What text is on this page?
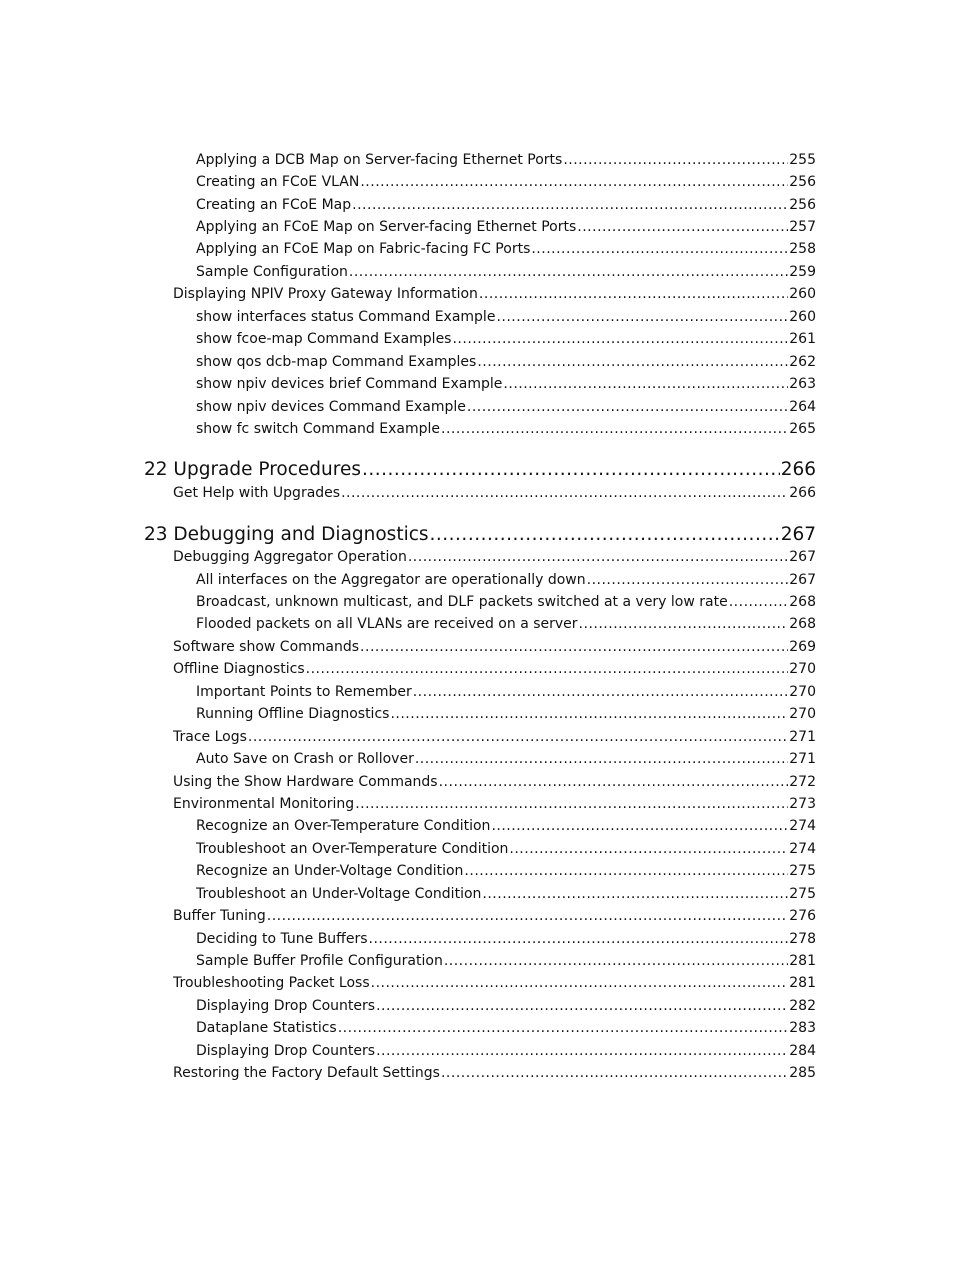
Applying a DCB Map on Server-facing Ethernet Ports .....	255
Creating an FCoE VLAN .....	256
Creating an FCoE Map .....	256
Applying an FCoE Map on Server-facing Ethernet Ports .....	257
Applying an FCoE Map on Fabric-facing FC Ports .....	258
Sample Configuration .....	259
Displaying NPIV Proxy Gateway Information .....	260
show interfaces status Command Example .....	260
show fcoe-map Command Examples .....	261
show qos dcb-map Command Examples .....	262
show npiv devices brief Command Example .....	263
show npiv devices Command Example .....	264
show fc switch Command Example .....	265
22 Upgrade Procedures .....	266
Get Help with Upgrades .....	266
23 Debugging and Diagnostics .....	267
Debugging Aggregator Operation .....	267
All interfaces on the Aggregator are operationally down .....	267
Broadcast, unknown multicast, and DLF packets switched at a very low rate .....	268
Flooded packets on all VLANs are received on a server .....	268
Software show Commands .....	269
Offline Diagnostics .....	270
Important Points to Remember .....	270
Running Offline Diagnostics .....	270
Trace Logs .....	271
Auto Save on Crash or Rollover .....	271
Using the Show Hardware Commands .....	272
Environmental Monitoring .....	273
Recognize an Over-Temperature Condition .....	274
Troubleshoot an Over-Temperature Condition .....	274
Recognize an Under-Voltage Condition .....	275
Troubleshoot an Under-Voltage Condition .....	275
Buffer Tuning .....	276
Deciding to Tune Buffers .....	278
Sample Buffer Profile Configuration .....	281
Troubleshooting Packet Loss .....	281
Displaying Drop Counters .....	282
Dataplane Statistics .....	283
Displaying Drop Counters .....	284
Restoring the Factory Default Settings .....	285
